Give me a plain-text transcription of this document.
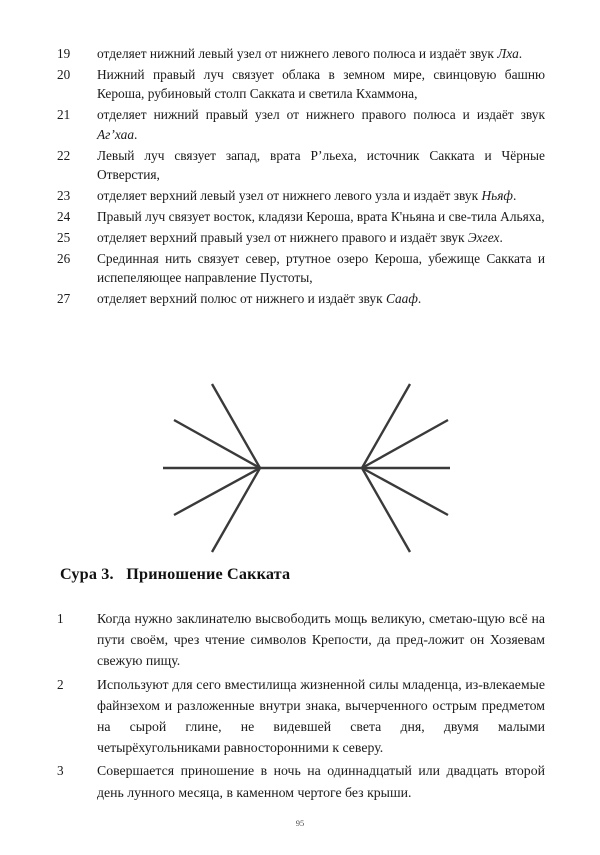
19	отделяет нижний левый узел от нижнего левого полюса и издаёт звук Лха.
20	Нижний правый луч связует облака в земном мире, свинцовую башню Кероша, рубиновый столп Сакката и светила Кхаммона,
21	отделяет нижний правый узел от нижнего правого полюса и издаёт звук Аг’хаа.
22	Левый луч связует запад, врата Р’льеха, источник Сакката и Чёрные Отверстия,
23	отделяет верхний левый узел от нижнего левого узла и издаёт звук Ньяф.
24	Правый луч связует восток, кладязи Кероша, врата К'ньяна и све-тила Альяха,
25	отделяет верхний правый узел от нижнего правого и издаёт звук Эхгех.
26	Срединная нить связует север, ртутное озеро Кероша, убежище Сакката и испепеляющее направление Пустоты,
27	отделяет верхний полюс от нижнего и издаёт звук Сааф.
Сура 3.   Приношение Сакката
1	Когда нужно заклинателю высвободить мощь великую, сметаю-щую всё на пути своём, чрез чтение символов Крепости, да пред-ложит он Хозяевам свежую пищу.
2	Используют для сего вместилища жизненной силы младенца, из-влекаемые файнзехом и разложенные внутри знака, вычерченного острым предметом на сырой глине, не видевшей света дня, двумя малыми четырёхугольниками равносторонними к северу.
3	Совершается приношение в ночь на одиннадцатый или двадцать второй день лунного месяца, в каменном чертоге без крыши.
95
